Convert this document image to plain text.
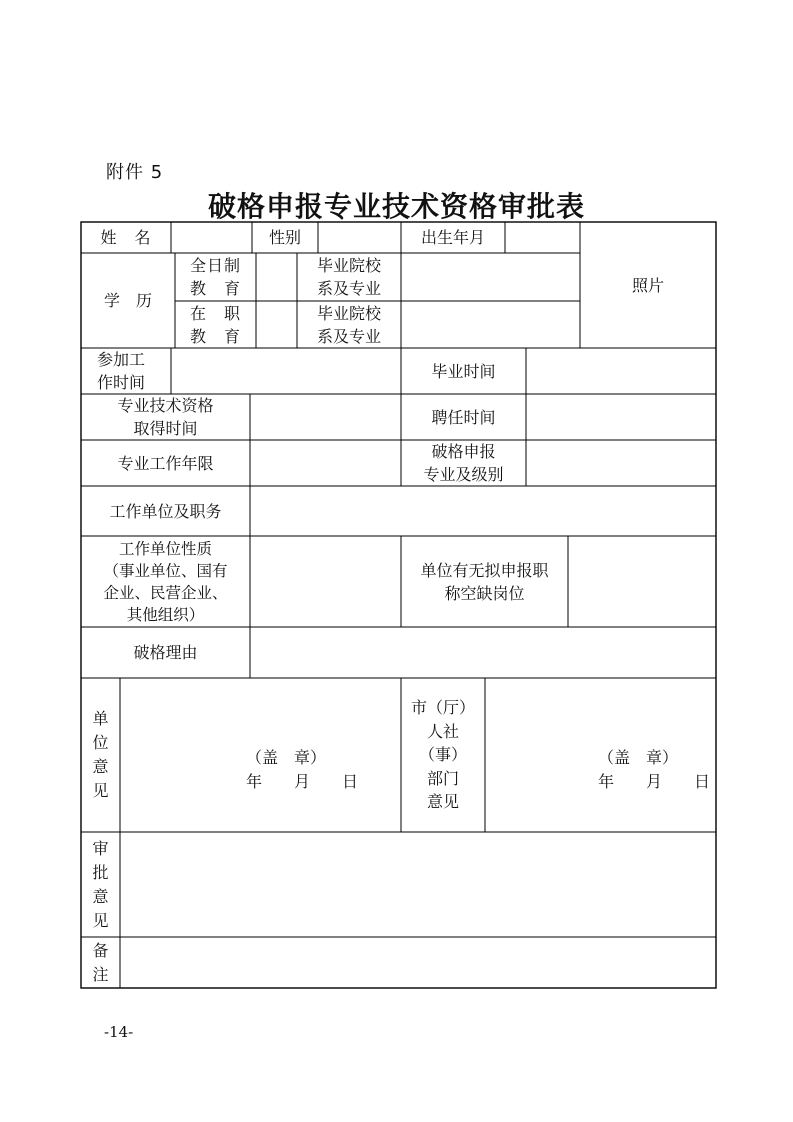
附件 5
破格申报专业技术资格审批表
姓　名	性别	出生年月
照片
学　历
全日制
教　育
毕业院校
系及专业
在　职
教　育
毕业院校
系及专业
参加工
作时间
毕业时间
专业技术资格
取得时间
聘任时间
专业工作年限
破格申报
专业及级别
工作单位及职务
工作单位性质
（事业单位、国有
企业、民营企业、
其他组织）
单位有无拟申报职
称空缺岗位
破格理由
单
位
意
见
（盖　章）
年　　月　　日
市（厅）
人社
（事）
部门
意见
（盖　章）
年　　月　　日
审
批
意
见
备
注
-14-
